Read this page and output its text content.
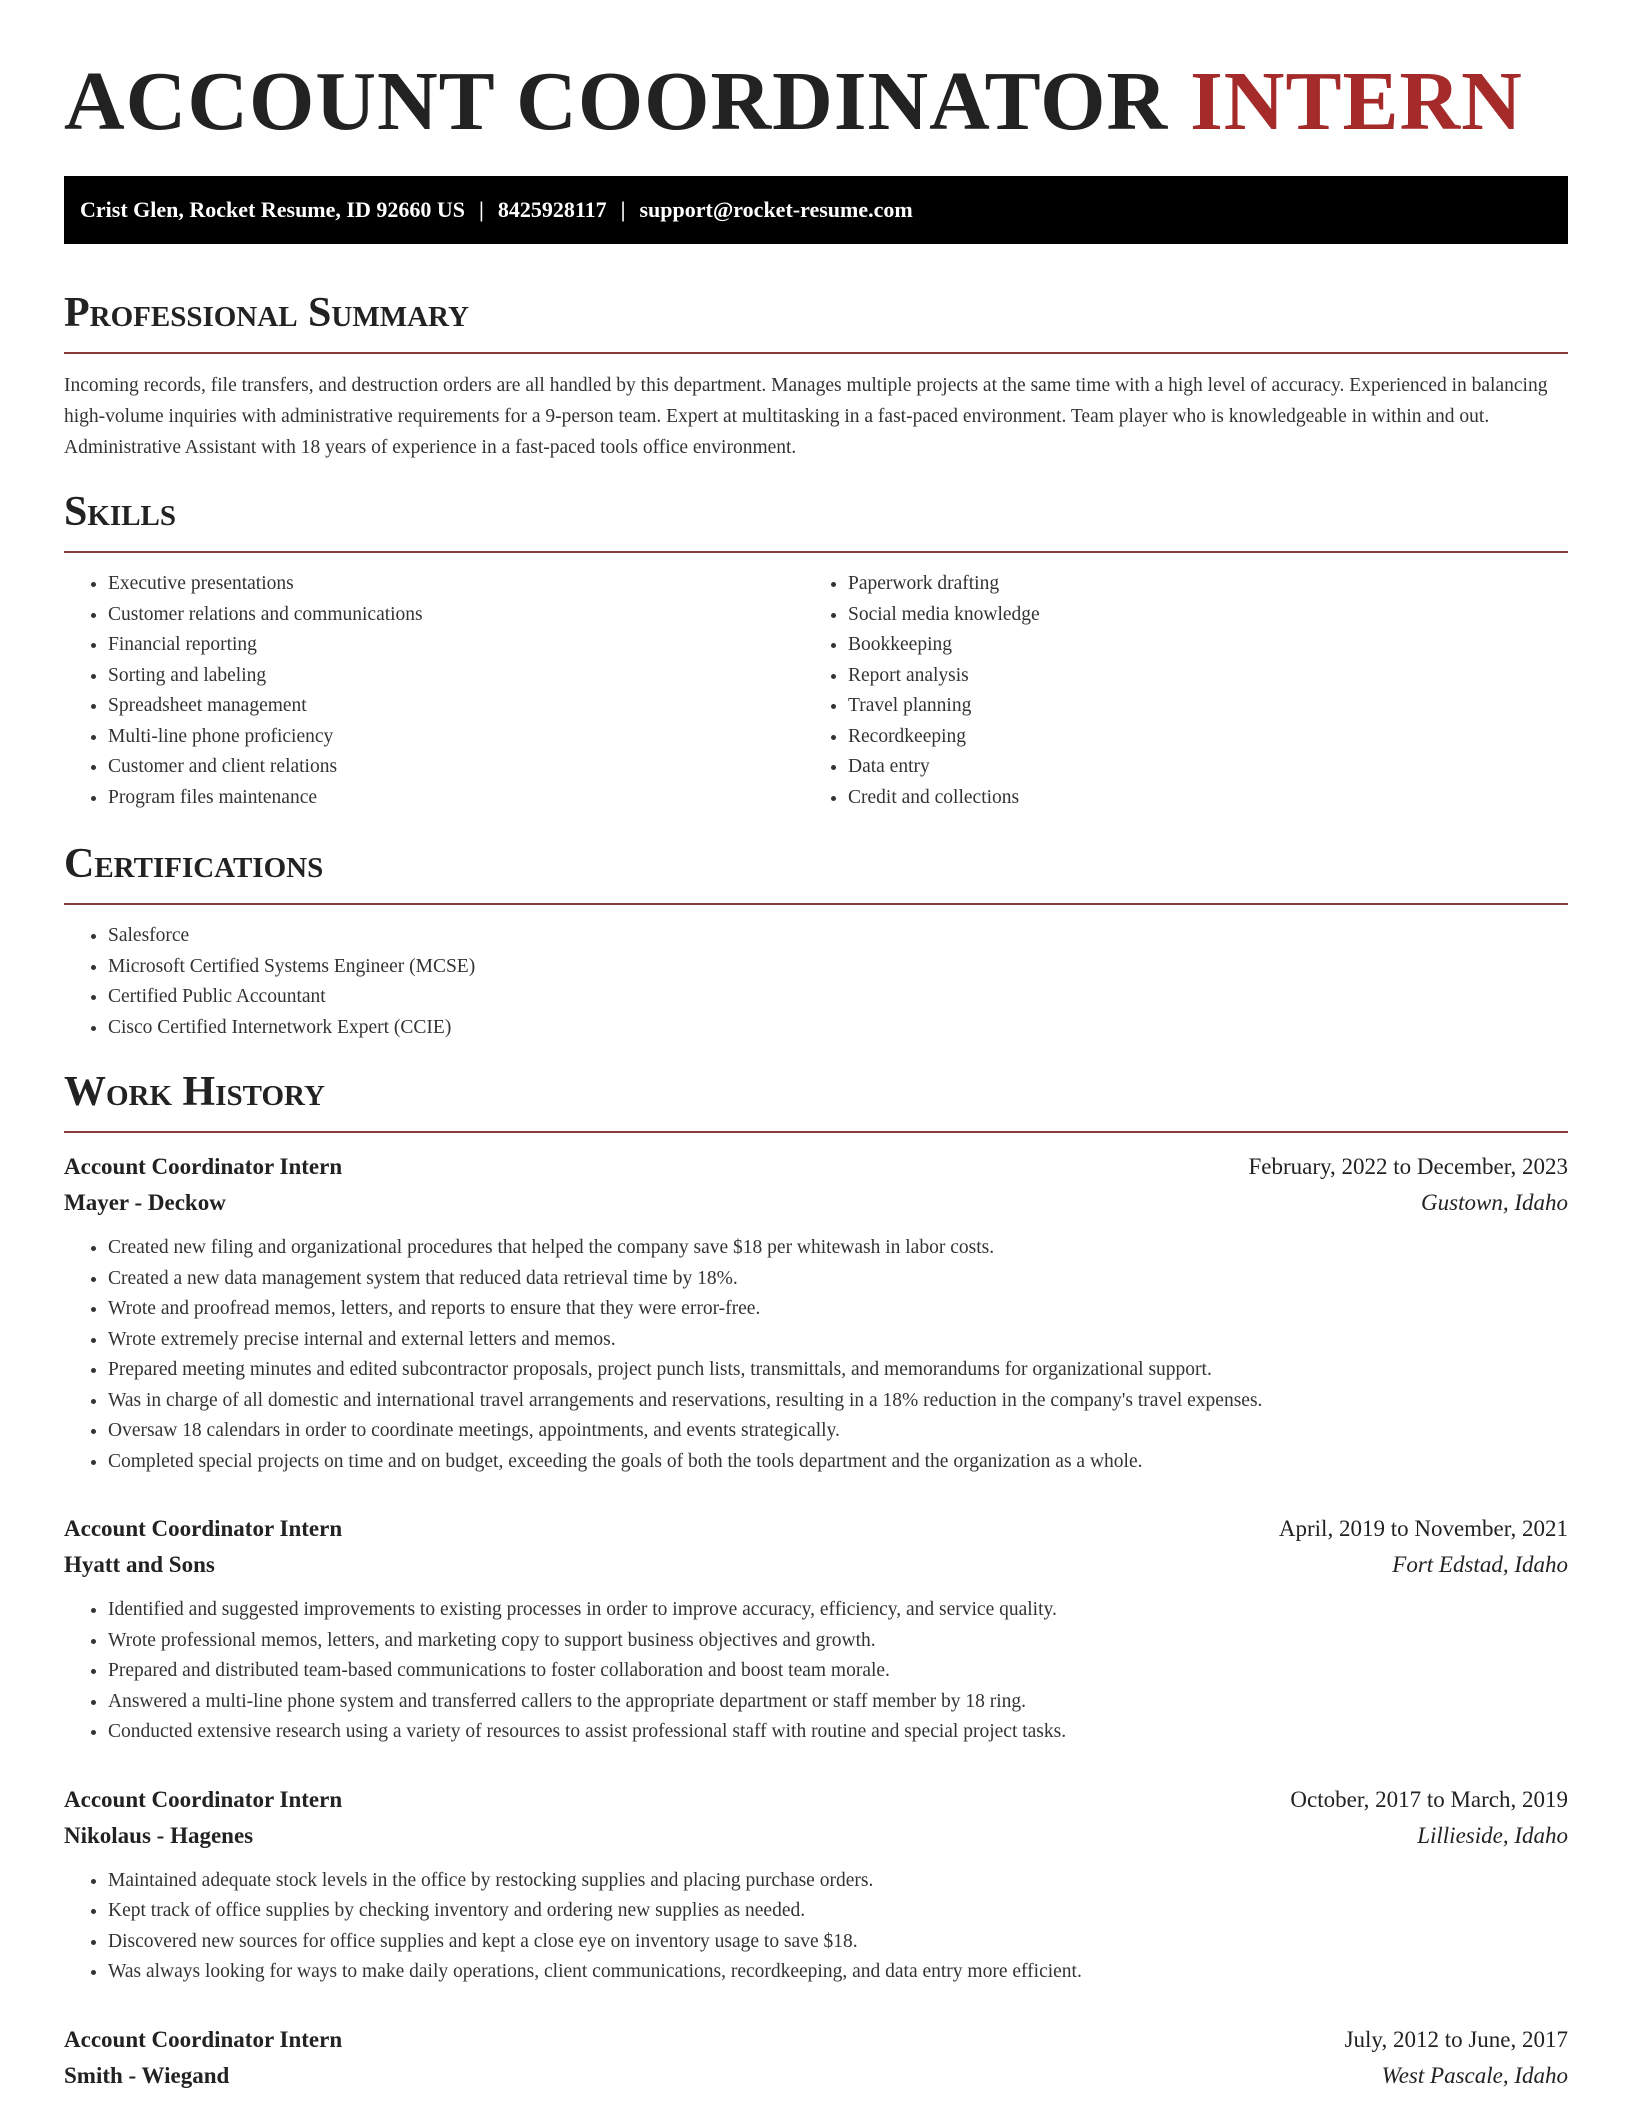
ACCOUNT COORDINATOR INTERN
Crist Glen, Rocket Resume, ID 92660 US | 8425928117 | support@rocket-resume.com
Professional Summary

Incoming records, file transfers, and destruction orders are all handled by this department. Manages multiple projects at the same time with a high level of accuracy. Experienced in balancing high-volume inquiries with administrative requirements for a 9-person team. Expert at multitasking in a fast-paced environment. Team player who is knowledgeable in within and out. Administrative Assistant with 18 years of experience in a fast-paced tools office environment.

Skills
• Executive presentations
• Customer relations and communications
• Financial reporting
• Sorting and labeling
• Spreadsheet management
• Multi-line phone proficiency
• Customer and client relations
• Program files maintenance
• Paperwork drafting
• Social media knowledge
• Bookkeeping
• Report analysis
• Travel planning
• Recordkeeping
• Data entry
• Credit and collections
Certifications
• Salesforce
• Microsoft Certified Systems Engineer (MCSE)
• Certified Public Accountant
• Cisco Certified Internetwork Expert (CCIE)
Work History
Account Coordinator Intern	February, 2022 to December, 2023
Mayer - Deckow	Gustown, Idaho
• Created new filing and organizational procedures that helped the company save $18 per whitewash in labor costs.
• Created a new data management system that reduced data retrieval time by 18%.
• Wrote and proofread memos, letters, and reports to ensure that they were error-free.
• Wrote extremely precise internal and external letters and memos.
• Prepared meeting minutes and edited subcontractor proposals, project punch lists, transmittals, and memorandums for organizational support.
• Was in charge of all domestic and international travel arrangements and reservations, resulting in a 18% reduction in the company's travel expenses.
• Oversaw 18 calendars in order to coordinate meetings, appointments, and events strategically.
• Completed special projects on time and on budget, exceeding the goals of both the tools department and the organization as a whole.
Account Coordinator Intern	April, 2019 to November, 2021
Hyatt and Sons	Fort Edstad, Idaho
• Identified and suggested improvements to existing processes in order to improve accuracy, efficiency, and service quality.
• Wrote professional memos, letters, and marketing copy to support business objectives and growth.
• Prepared and distributed team-based communications to foster collaboration and boost team morale.
• Answered a multi-line phone system and transferred callers to the appropriate department or staff member by 18 ring.
• Conducted extensive research using a variety of resources to assist professional staff with routine and special project tasks.
Account Coordinator Intern	October, 2017 to March, 2019
Nikolaus - Hagenes	Lillieside, Idaho
• Maintained adequate stock levels in the office by restocking supplies and placing purchase orders.
• Kept track of office supplies by checking inventory and ordering new supplies as needed.
• Discovered new sources for office supplies and kept a close eye on inventory usage to save $18.
• Was always looking for ways to make daily operations, client communications, recordkeeping, and data entry more efficient.
Account Coordinator Intern	July, 2012 to June, 2017
Smith - Wiegand	West Pascale, Idaho
